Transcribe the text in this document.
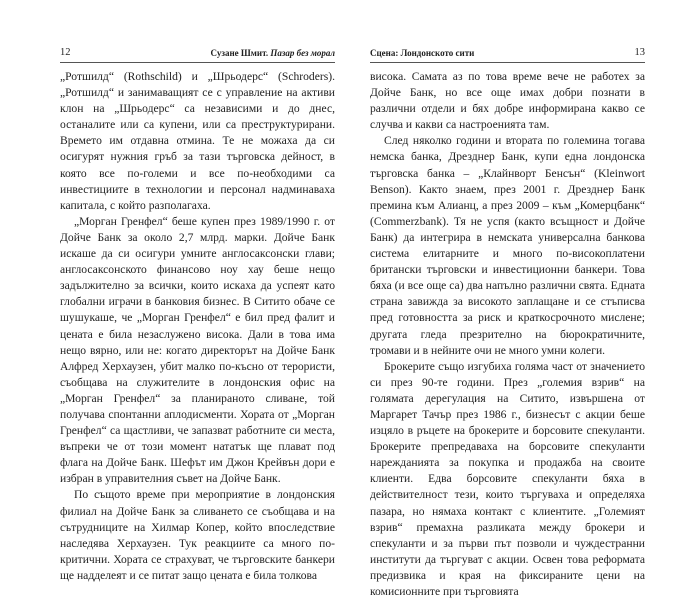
12	Сузане Шмит. Пазар без морал

„Ротшилд“ (Rothschild) и „Шрьодерс“ (Schroders). „Ротшилд“ и занимаващият се с управление на активи клон на „Шрьодерс“ са независими и до днес, останалите или са купени, или са преструктурирани. Времето им отдавна отмина. Те не можаха да си осигурят нужния гръб за тази търговска дейност, в която все по-големи и все по-необходими са инвестициите в технологии и персонал надминаваха капитала, с който разполагаха.

„Морган Гренфел“ беше купен през 1989/1990 г. от Дойче Банк за около 2,7 млрд. марки. Дойче Банк искаше да си осигури умните англосаксонски глави; англосаксонското финансово ноу хау беше нещо задължително за всички, които искаха да успеят като глобални играчи в банковия бизнес. В Ситито обаче се шушукаше, че „Морган Гренфел“ е бил пред фалит и цената е била незаслужено висока. Дали в това има нещо вярно, или не: когато директорът на Дойче Банк Алфред Херхаузен, убит малко по-късно от терористи, съобщава на служителите в лондонския офис на „Морган Гренфел“ за планираното сливане, той получава спонтанни аплодисменти. Хората от „Морган Гренфел“ са щастливи, че запазват работните си места, въпреки че от този момент нататък ще плават под флага на Дойче Банк. Шефът им Джон Крейвън дори е избран в управителния съвет на Дойче Банк.

По същото време при мероприятие в лондонския филиал на Дойче Банк за сливането се съобщава и на сътрудниците на Хилмар Копер, който впоследствие наследява Херхаузен. Тук реакциите са много по-критични. Хората се страхуват, че търговските банкери ще надделеят и се питат защо цената е била толкова

Сцена: Лондонското сити	13

висока. Самата аз по това време вече не работех за Дойче Банк, но все още имах добри познати в различни отдели и бях добре информирана какво се случва и какви са настроенията там.

След няколко години и втората по големина тогава немска банка, Дрезднер Банк, купи една лондонска търговска банка – „Клайнворт Бенсън“ (Kleinwort Benson). Както знаем, през 2001 г. Дрезднер Банк премина към Алианц, а през 2009 – към „Комерцбанк“ (Commerzbank). Тя не успя (както всъщност и Дойче Банк) да интегрира в немската универсална банкова система елитарните и много по-високоплатени британски търговски и инвестиционни банкери. Това бяха (и все още са) два напълно различни свята. Едната страна завижда за високото заплащане и се стъписва пред готовността за риск и краткосрочното мислене; другата гледа презрително на бюрократичните, тромави и в нейните очи не много умни колеги.

Брокерите също изгубиха голяма част от значението си през 90-те години. През „големия взрив“ на голямата дерегулация на Ситито, извършена от Маргарет Тачър през 1986 г., бизнесът с акции беше изцяло в ръцете на брокерите и борсовите спекуланти. Брокерите препредаваха на борсовите спекуланти нарежданията за покупка и продажба на своите клиенти. Едва борсовите спекуланти бяха в действителност тези, които търгуваха и определяха пазара, но нямаха контакт с клиентите. „Големият взрив“ премахна разликата между брокери и спекуланти и за първи път позволи и чуждестранни институти да търгуват с акции. Освен това реформата предизвика и края на фиксираните цени на комисионните при търговията
